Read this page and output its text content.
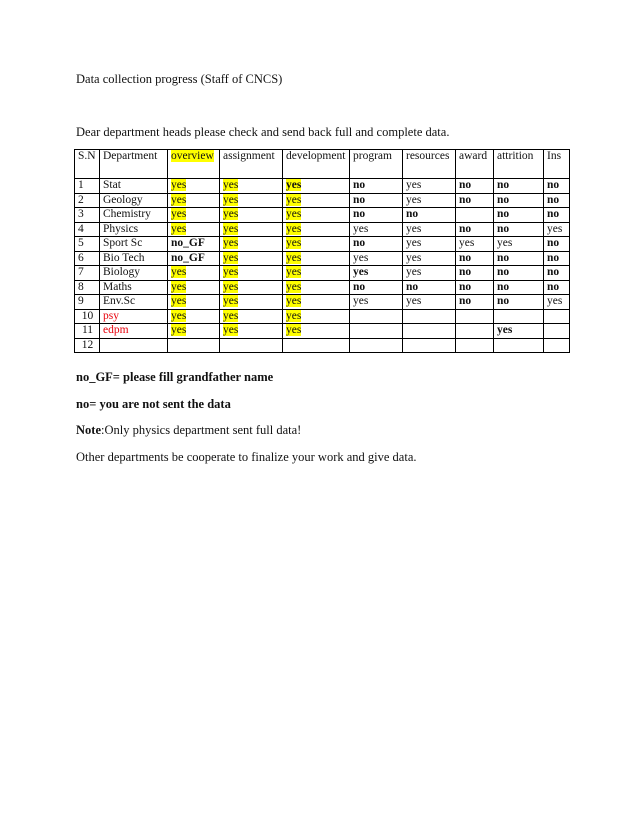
Data collection progress (Staff of CNCS)
Dear department heads please check and send back full and complete data.
S.N	Department	overview	assignment	development	program	resources	award	attrition	Ins
1	Stat	yes	yes	yes	no	yes	no	no	no
2	Geology	yes	yes	yes	no	yes	no	no	no
3	Chemistry	yes	yes	yes	no	no		no	no
4	Physics	yes	yes	yes	yes	yes	no	no	yes
5	Sport Sc	no_GF	yes	yes	no	yes	yes	yes	no
6	Bio Tech	no_GF	yes	yes	yes	yes	no	no	no
7	Biology	yes	yes	yes	yes	yes	no	no	no
8	Maths	yes	yes	yes	no	no	no	no	no
9	Env.Sc	yes	yes	yes	yes	yes	no	no	yes
10	psy	yes	yes	yes					
11	edpm	yes	yes	yes				yes	
12									
no_GF= please fill grandfather name
no= you are not sent the data
Note:Only physics department sent full data!
Other departments be cooperate to finalize your work and give data.
